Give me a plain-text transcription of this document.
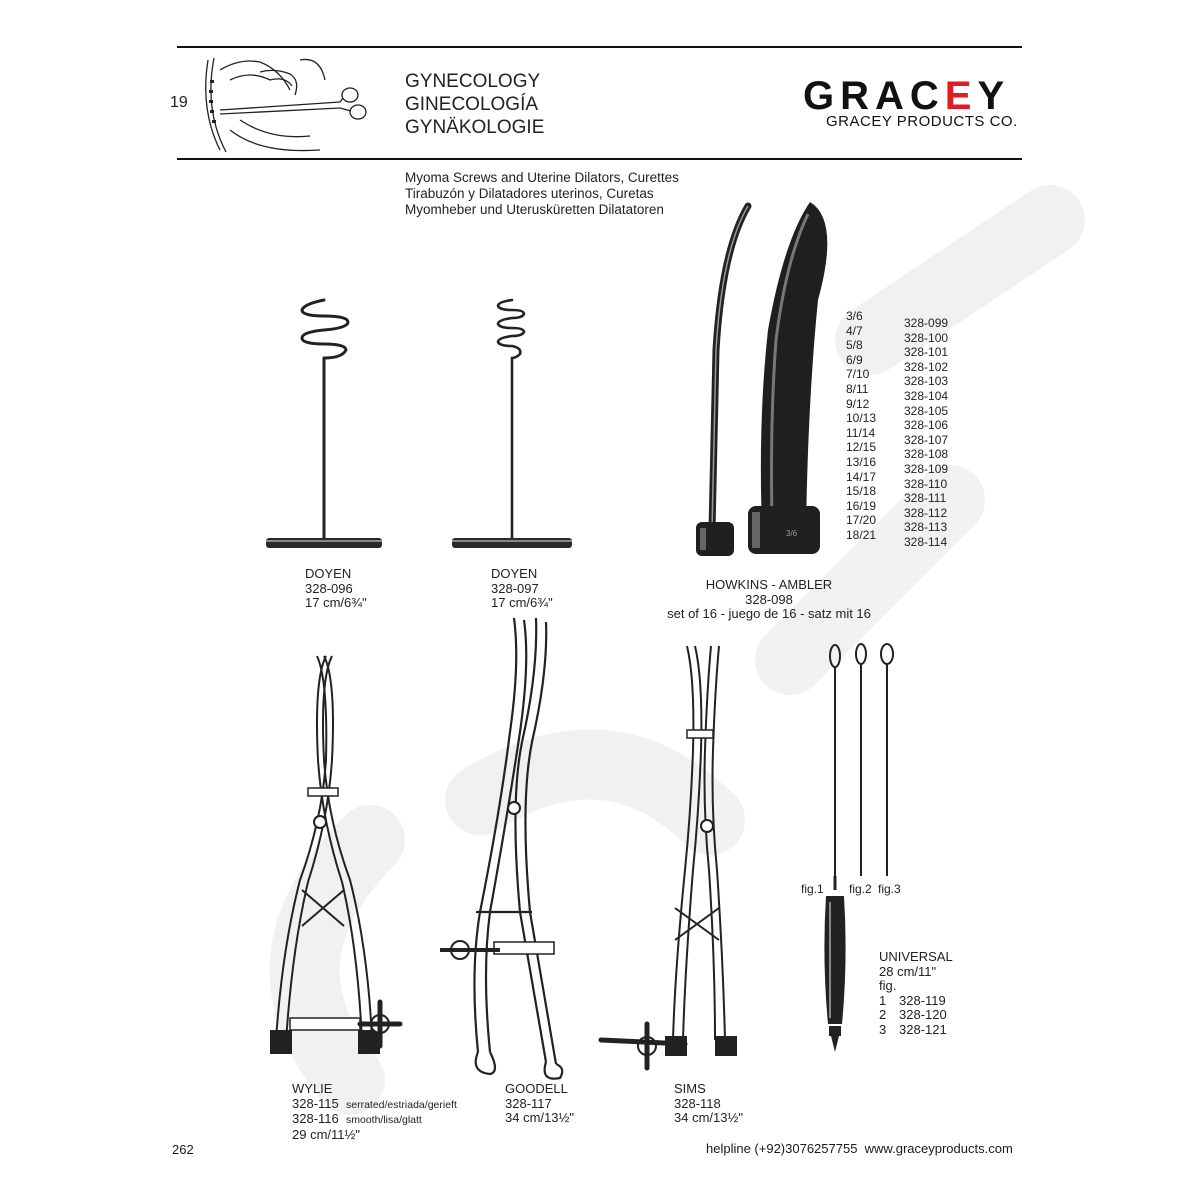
19
GYNECOLOGY
GINECOLOGÍA
GYNÄKOLOGIE
GRACEY
GRACEY PRODUCTS CO.
Myoma Screws and Uterine Dilators, Curettes
Tirabuzón y Dilatadores uterinos, Curetas
Myomheber und Uterusküretten Dilatatoren
DOYEN
328-096
17 cm/6¾"
DOYEN
328-097
17 cm/6¾"
3/6
3/6
4/7
5/8
6/9
7/10
8/11
9/12
10/13
11/14
12/15
13/16
14/17
15/18
16/19
17/20
18/21
328-099
328-100
328-101
328-102
328-103
328-104
328-105
328-106
328-107
328-108
328-109
328-110
328-111
328-112
328-113
328-114
HOWKINS - AMBLER
328-098
set of 16 - juego de 16 - satz mit 16
fig.1 fig.2 fig.3
UNIVERSAL
28 cm/11"
fig.
1 328-119
2 328-120
3 328-121
WYLIE
328-115 serrated/estriada/gerieft
328-116 smooth/lisa/glatt
29 cm/11½"
GOODELL
328-117
34 cm/13½"
SIMS
328-118
34 cm/13½"
262	helpline (+92)3076257755  www.graceyproducts.com
